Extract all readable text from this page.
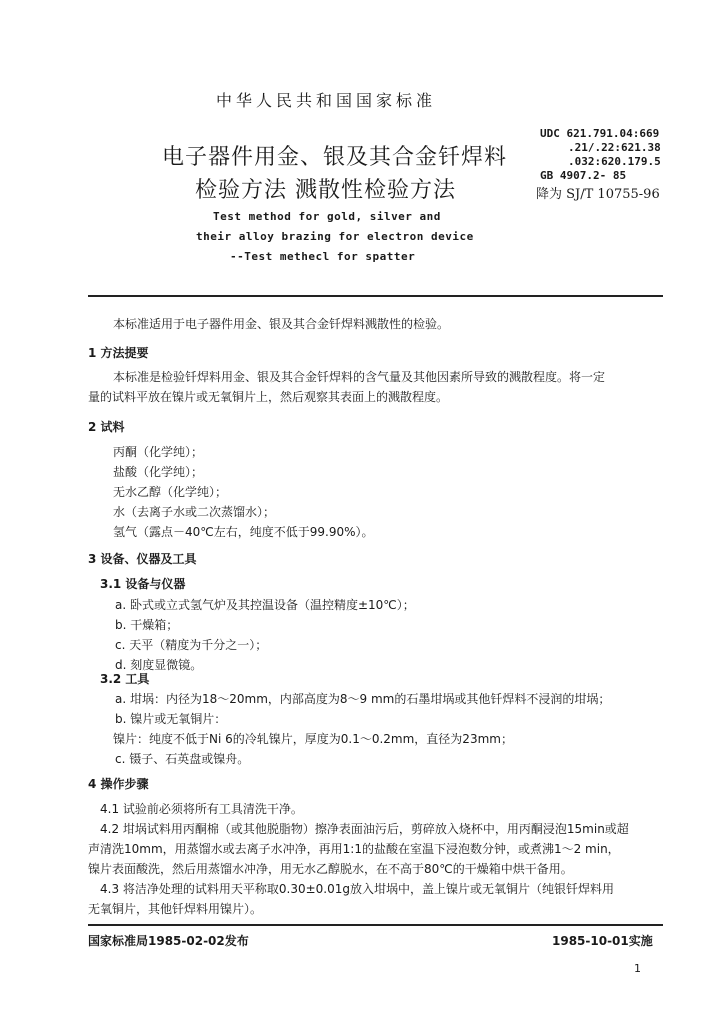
中华人民共和国国家标准
电子器件用金、银及其合金钎焊料
检验方法 溅散性检验方法
Test method for gold, silver and
their alloy brazing for electron device
--Test methecl for spatter
UDC 621.791.04:669
.21/.22:621.38
.032:620.179.5
GB 4907.2- 85
降为 SJ/T 10755-96
本标准适用于电子器件用金、银及其合金钎焊料溅散性的检验。
1 方法提要
本标准是检验钎焊料用金、银及其合金钎焊料的含气量及其他因素所导致的溅散程度。将一定
量的试料平放在镍片或无氧铜片上，然后观察其表面上的溅散程度。
2 试料
丙酮（化学纯）；
盐酸（化学纯）；
无水乙醇（化学纯）；
水（去离子水或二次蒸馏水）；
氢气（露点－40℃左右，纯度不低于99.90%）。
3 设备、仪器及工具
3.1 设备与仪器
a. 卧式或立式氢气炉及其控温设备（温控精度±10℃）；
b. 干燥箱；
c. 天平（精度为千分之一）；
d. 刻度显微镜。
3.2 工具
a. 坩埚：内径为18～20mm，内部高度为8～9 mm的石墨坩埚或其他钎焊料不浸润的坩埚；
b. 镍片或无氧铜片：
镍片：纯度不低于Ni 6的冷轧镍片，厚度为0.1～0.2mm，直径为23mm；
c. 镊子、石英盘或镍舟。
4 操作步骤
4.1 试验前必须将所有工具清洗干净。
4.2 坩埚试料用丙酮棉（或其他脱脂物）擦净表面油污后，剪碎放入烧杯中，用丙酮浸泡15min或超
声清洗10mm，用蒸馏水或去离子水冲净，再用1:1的盐酸在室温下浸泡数分钟，或煮沸1～2 min，
镍片表面酸洗，然后用蒸馏水冲净，用无水乙醇脱水，在不高于80℃的干燥箱中烘干备用。
4.3 将洁净处理的试料用天平称取0.30±0.01g放入坩埚中，盖上镍片或无氧铜片（纯银钎焊料用
无氧铜片，其他钎焊料用镍片）。
国家标准局1985-02-02发布	1985-10-01实施
1
